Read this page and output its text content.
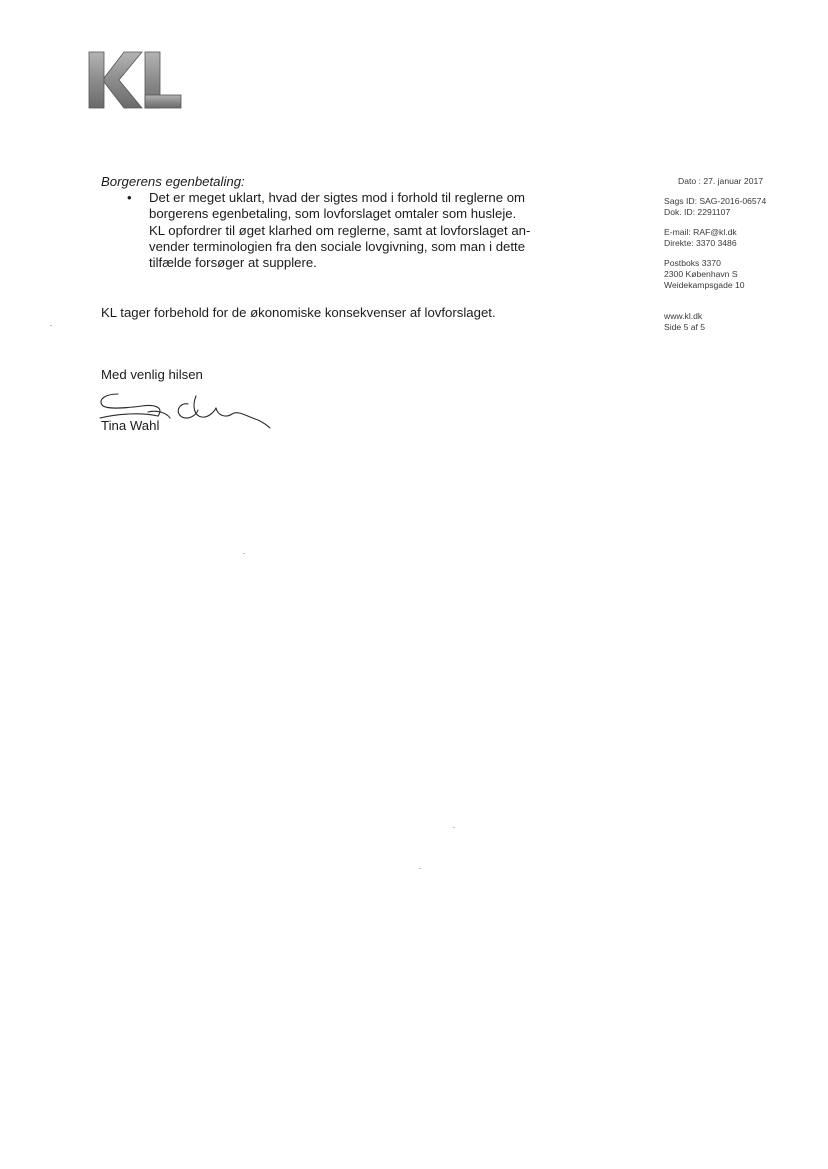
Borgerens egenbetaling:

• Det er meget uklart, hvad der sigtes mod i forhold til reglerne om
borgerens egenbetaling, som lovforslaget omtaler som husleje.
KL opfordrer til øget klarhed om reglerne, samt at lovforslaget an-
vender terminologien fra den sociale lovgivning, som man i dette
tilfælde forsøger at supplere.
KL tager forbehold for de økonomiske konsekvenser af lovforslaget.
Med venlig hilsen
Tina Wahl
Dato : 27. januar 2017
Sags ID: SAG-2016-06574
Dok. ID: 2291107
E-mail: RAF@kl.dk
Direkte: 3370 3486
Postboks 3370
2300 København S
Weidekampsgade 10
www.kl.dk
Side 5 af 5
